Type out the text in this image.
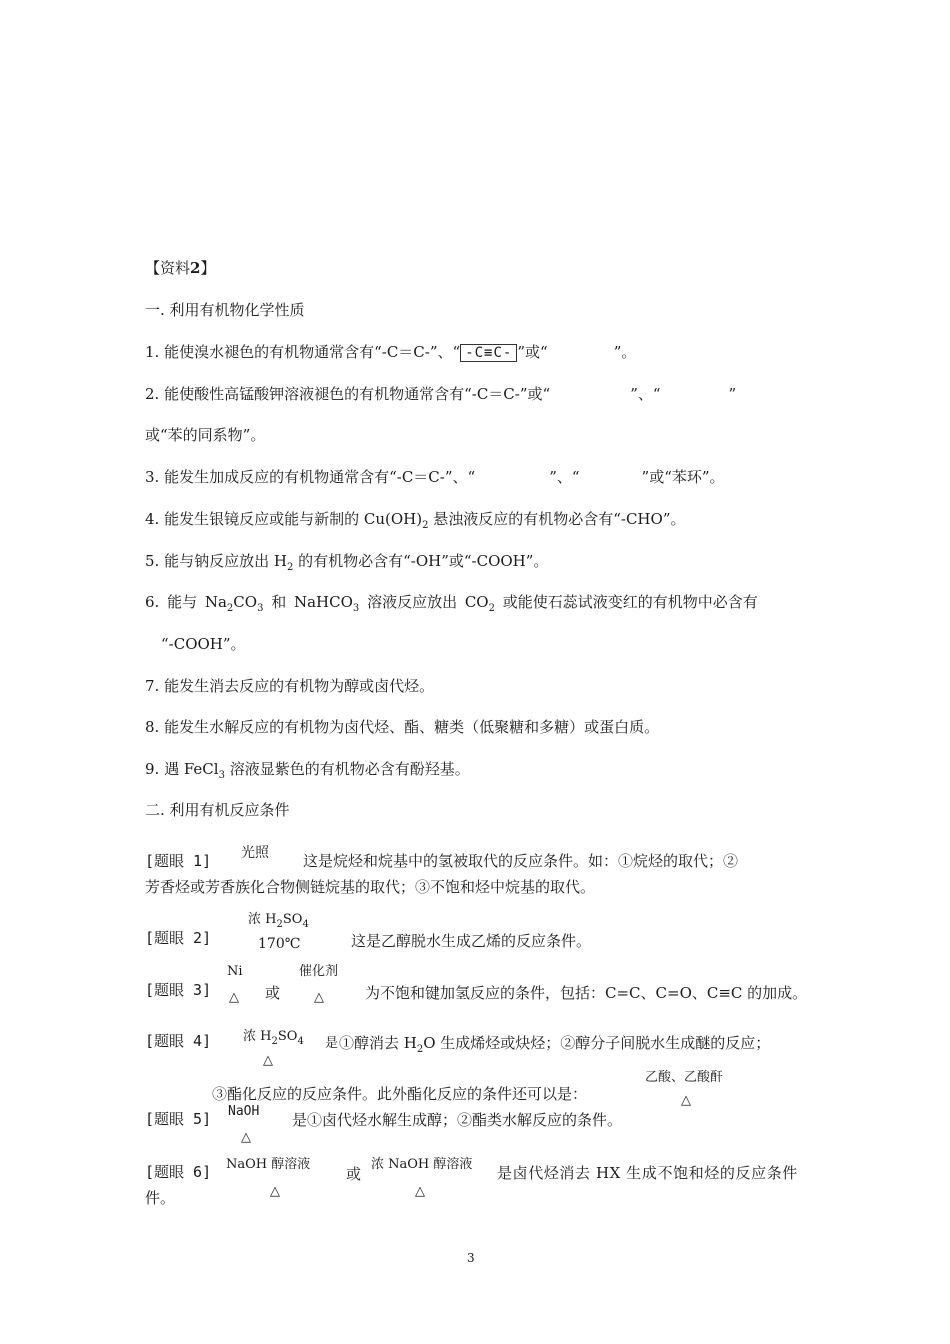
【资料2】
一. 利用有机物化学性质
1. 能使溴水褪色的有机物通常含有“-C＝C-”、“ -C≡C- ”或“	”。
2. 能使酸性高锰酸钾溶液褪色的有机物通常含有“-C＝C-”或“	”、“	”
或“苯的同系物”。
3. 能发生加成反应的有机物通常含有“-C＝C-”、“	”、“	”或“苯环”。
4. 能发生银镜反应或能与新制的 $Cu(OH)_2$ 悬浊液反应的有机物必含有“-CHO”。
5. 能与钠反应放出 $H_2$ 的有机物必含有“-OH”或“-COOH”。
6. 能与 $Na_2CO_3$ 和 NaHCO$_3$ 溶液反应放出 $CO_2$ 或能使石蕊试液变红的有机物中必含有
“-COOH”。
7. 能发生消去反应的有机物为醇或卤代烃。
8. 能发生水解反应的有机物为卤代烃、酯、糖类（低聚糖和多糖）或蛋白质。
9. 遇 FeCl$_3$ 溶液显紫色的有机物必含有酚羟基。
二. 利用有机反应条件
[题眼 1] 光照 这是烷烃和烷基中的氢被取代的反应条件。如：①烷烃的取代；②
芳香烃或芳香族化合物侧链烷基的取代；③不饱和烃中烷基的取代。
[题眼 2]
浓 $H_2SO_4$
170℃	这是乙醇脱水生成乙烯的反应条件。
[题眼 3]
Ni
△ 或
催化剂
△	为不饱和键加氢反应的条件，包括：C=C、C=O、C≡C 的加成。
[题眼 4] 浓 $H_2SO_4$
△
是 ①醇消去 $H_2O$ 生成烯烃或炔烃；②醇分子间脱水生成醚的反应；
③酯化反应的反应条件。此外酯化反应的条件还可以是：
乙酸、乙酸酐
△
[题眼 5] NaOH
△
是①卤代烃水解生成醇；②酯类水解反应的条件。
[题眼 6] NaOH 醇溶液
△
或
浓 NaOH 醇溶液
△
是卤代烃消去 HX 生成不饱和烃的反应条件
件。
3
